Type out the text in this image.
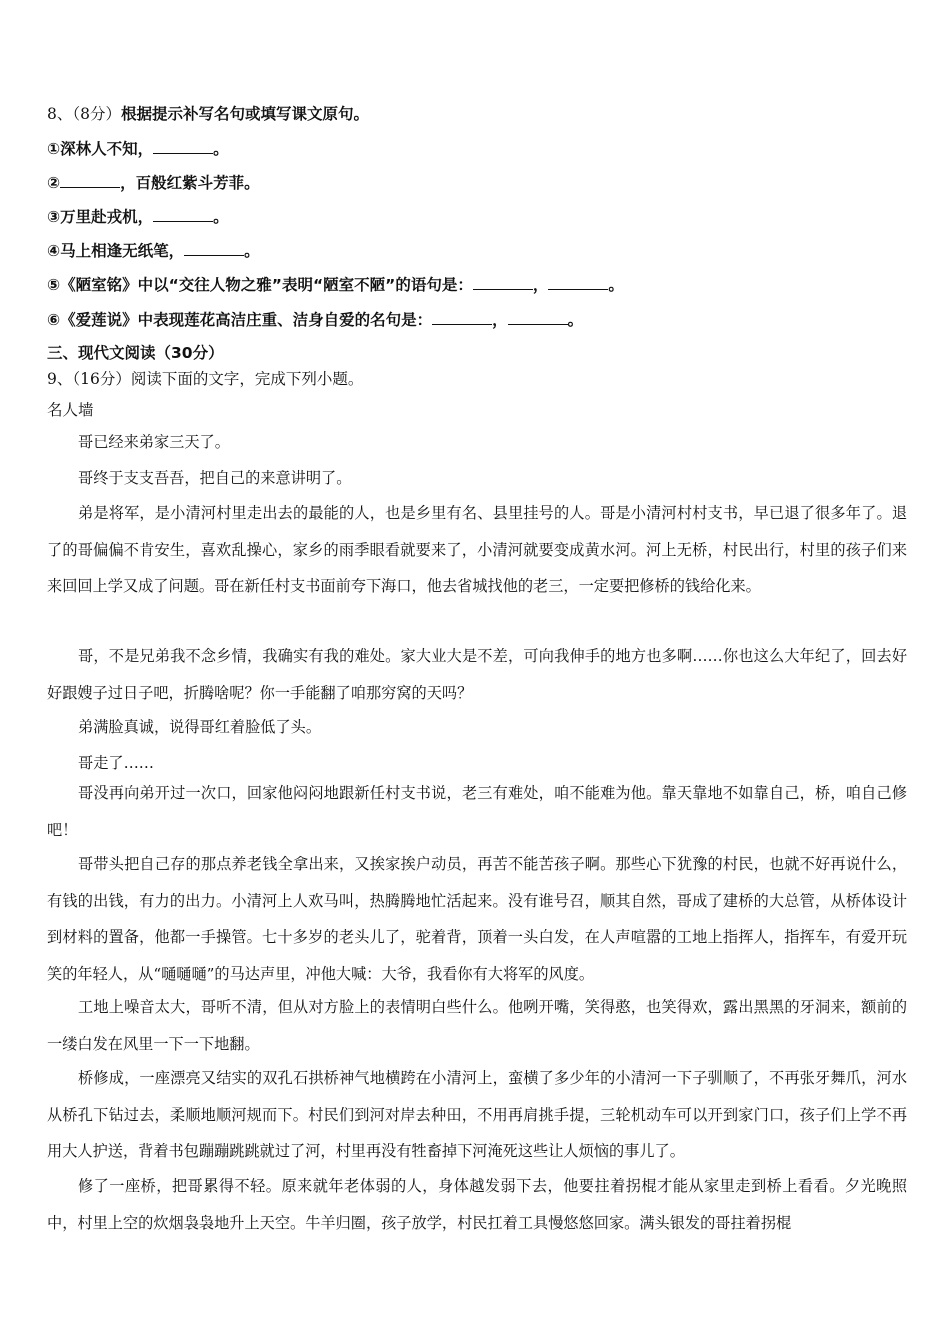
8、（8分）根据提示补写名句或填写课文原句。
①深林人不知，	。
②	，百般红紫斗芳菲。
③万里赴戎机，	。
④马上相逢无纸笔，	。
⑤《陋室铭》中以“交往人物之雅”表明“陋室不陋”的语句是：	，	。
⑥《爱莲说》中表现莲花高洁庄重、洁身自爱的名句是：	，	。
三、现代文阅读（30分）
9、（16分）阅读下面的文字，完成下列小题。
名人墙
哥已经来弟家三天了。
哥终于支支吾吾，把自己的来意讲明了。
弟是将军，是小清河村里走出去的最能的人，也是乡里有名、县里挂号的人。哥是小清河村村支书，早已退了很多年了。退了的哥偏偏不肯安生，喜欢乱操心，家乡的雨季眼看就要来了，小清河就要变成黄水河。河上无桥，村民出行，村里的孩子们来来回回上学又成了问题。哥在新任村支书面前夸下海口，他去省城找他的老三，一定要把修桥的钱给化来。
哥，不是兄弟我不念乡情，我确实有我的难处。家大业大是不差，可向我伸手的地方也多啊……你也这么大年纪了，回去好好跟嫂子过日子吧，折腾啥呢？你一手能翻了咱那穷窝的天吗？
弟满脸真诚，说得哥红着脸低了头。
哥走了……
哥没再向弟开过一次口，回家他闷闷地跟新任村支书说，老三有难处，咱不能难为他。靠天靠地不如靠自己，桥，咱自己修吧！
哥带头把自己存的那点养老钱全拿出来，又挨家挨户动员，再苦不能苦孩子啊。那些心下犹豫的村民，也就不好再说什么，有钱的出钱，有力的出力。小清河上人欢马叫，热腾腾地忙活起来。没有谁号召，顺其自然，哥成了建桥的大总管，从桥体设计到材料的置备，他都一手操管。七十多岁的老头儿了，驼着背，顶着一头白发，在人声喧嚣的工地上指挥人，指挥车，有爱开玩笑的年轻人，从“嗵嗵嗵”的马达声里，冲他大喊：大爷，我看你有大将军的风度。
工地上噪音太大，哥听不清，但从对方脸上的表情明白些什么。他咧开嘴，笑得憨，也笑得欢，露出黑黑的牙洞来，额前的一缕白发在风里一下一下地翻。
桥修成，一座漂亮又结实的双孔石拱桥神气地横跨在小清河上，蛮横了多少年的小清河一下子驯顺了，不再张牙舞爪，河水从桥孔下钻过去，柔顺地顺河规而下。村民们到河对岸去种田，不用再肩挑手提，三轮机动车可以开到家门口，孩子们上学不再用大人护送，背着书包蹦蹦跳跳就过了河，村里再没有牲畜掉下河淹死这些让人烦恼的事儿了。
修了一座桥，把哥累得不轻。原来就年老体弱的人，身体越发弱下去，他要拄着拐棍才能从家里走到桥上看看。夕光晚照中，村里上空的炊烟袅袅地升上天空。牛羊归圈，孩子放学，村民扛着工具慢悠悠回家。满头银发的哥拄着拐棍
